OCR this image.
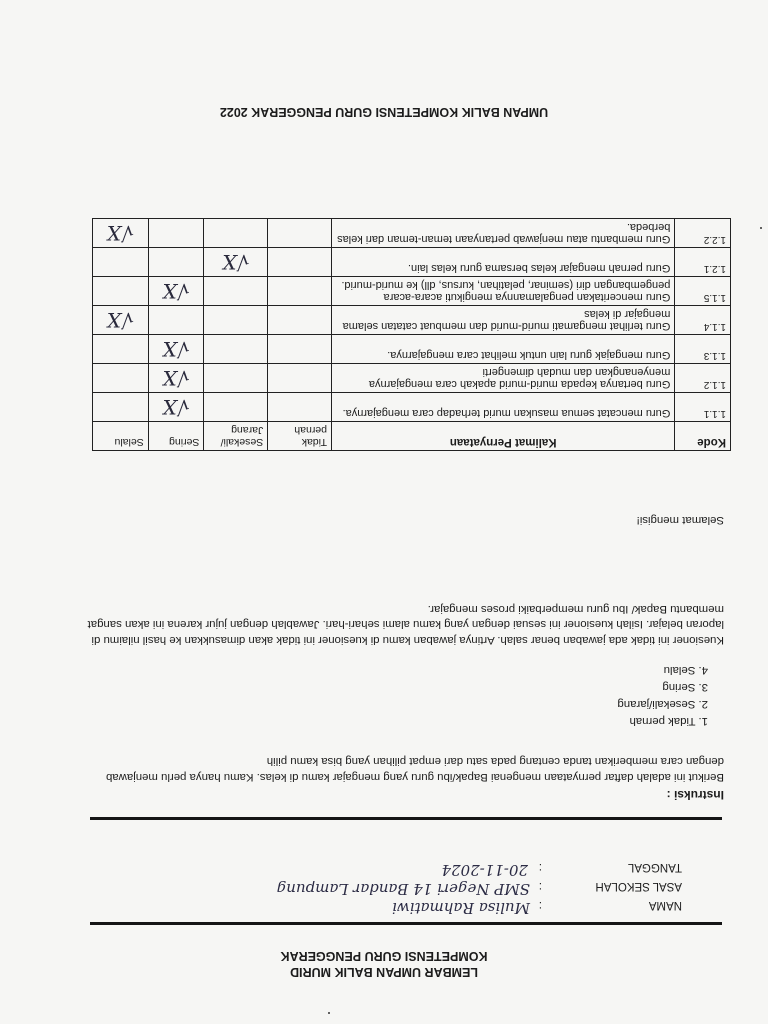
LEMBAR UMPAN BALIK MURID
KOMPETENSI GURU PENGGERAK
NAMA
:
Mulisa Rahmatiwi
ASAL SEKOLAH
:
SMP Negeri 14 Bandar Lampung
TANGGAL
:
20-11-2024
Instruksi :
Berikut ini adalah daftar pernyataan mengenai Bapak/ibu guru yang mengajar kamu di kelas. Kamu hanya perlu menjawab dengan cara memberikan tanda centang pada satu dari empat pilihan yang bisa kamu pilih
1. Tidak pernah
2. Sesekali/jarang
3. Sering
4. Selalu
Kuesioner ini tidak ada jawaban benar salah. Artinya jawaban kamu di kuesioner ini tidak akan dimasukkan ke hasil nilaimu di laporan belajar. Isilah kuesioner ini sesuai dengan yang kamu alami sehari-hari. Jawablah dengan jujur karena ini akan sangat membantu Bapak/ Ibu guru memperbaiki proses mengajar.
Selamat mengisi!
Kode	Kalimat Pernyataan	Tidak pernah	Sesekali/ Jarang	Sering	Selalu
1.1.1	Guru mencatat semua masukan murid terhadap cara mengajarnya.			√X	
1.1.2	Guru bertanya kepada murid-murid apakah cara mengajarnya menyenangkan dan mudah dimengerti			√X	
1.1.3	Guru mengajak guru lain untuk melihat cara mengajarnya.			√X	
1.1.4	Guru terlihat mengamati murid-murid dan membuat catatan selama mengajar di kelas				√X
1.1.5	Guru menceritakan pengalamannya mengikuti acara-acara pengembangan diri (seminar, pelatihan, kursus, dll) ke murid-murid.			√X	
1.2.1	Guru pernah mengajar kelas bersama guru kelas lain.		√X		
1.2.2	Guru membantu atau menjawab pertanyaan teman-teman dari kelas berbeda.				√X
UMPAN BALIK KOMPETENSI GURU PENGGERAK 2022
